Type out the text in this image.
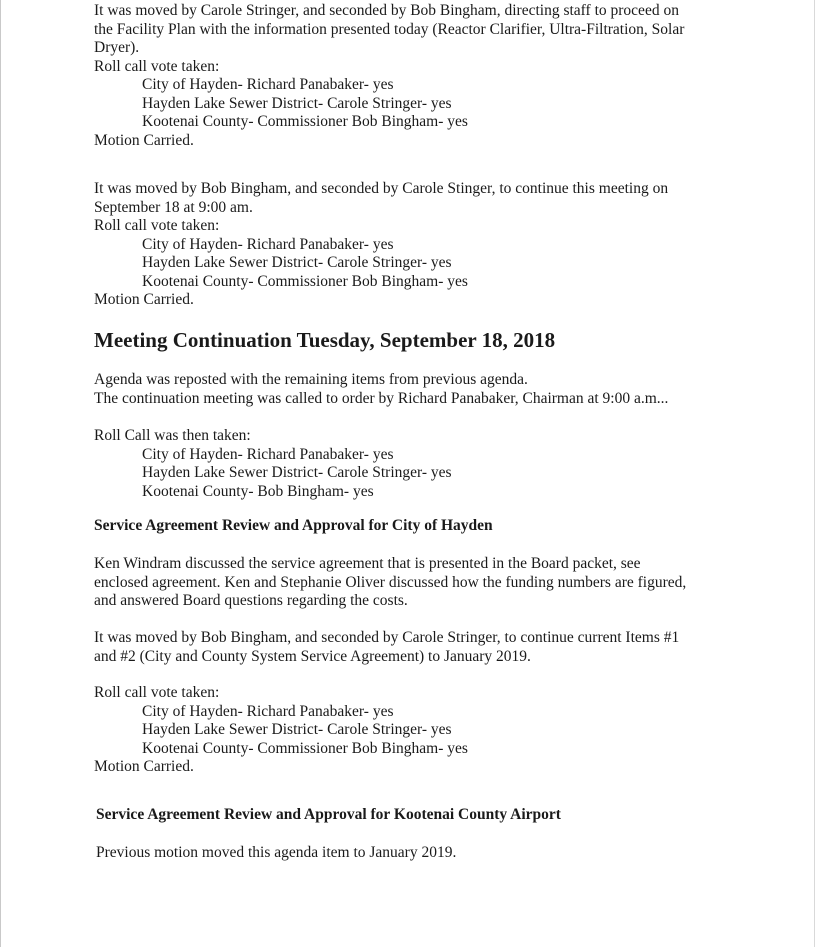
It was moved by Carole Stringer, and seconded by Bob Bingham, directing staff to proceed on
the Facility Plan with the information presented today (Reactor Clarifier, Ultra-Filtration, Solar
Dryer).
Roll call vote taken:
City of Hayden- Richard Panabaker- yes
Hayden Lake Sewer District- Carole Stringer- yes
Kootenai County- Commissioner Bob Bingham- yes
Motion Carried.
It was moved by Bob Bingham, and seconded by Carole Stinger, to continue this meeting on
September 18 at 9:00 am.
Roll call vote taken:
City of Hayden- Richard Panabaker- yes
Hayden Lake Sewer District- Carole Stringer- yes
Kootenai County- Commissioner Bob Bingham- yes
Motion Carried.
Meeting Continuation Tuesday, September 18, 2018
Agenda was reposted with the remaining items from previous agenda.
The continuation meeting was called to order by Richard Panabaker, Chairman at 9:00 a.m...
Roll Call was then taken:
City of Hayden- Richard Panabaker- yes
Hayden Lake Sewer District- Carole Stringer- yes
Kootenai County- Bob Bingham- yes
Service Agreement Review and Approval for City of Hayden
Ken Windram discussed the service agreement that is presented in the Board packet, see
enclosed agreement. Ken and Stephanie Oliver discussed how the funding numbers are figured,
and answered Board questions regarding the costs.
It was moved by Bob Bingham, and seconded by Carole Stringer, to continue current Items #1
and #2 (City and County System Service Agreement) to January 2019.
Roll call vote taken:
City of Hayden- Richard Panabaker- yes
Hayden Lake Sewer District- Carole Stringer- yes
Kootenai County- Commissioner Bob Bingham- yes
Motion Carried.
Service Agreement Review and Approval for Kootenai County Airport
Previous motion moved this agenda item to January 2019.
